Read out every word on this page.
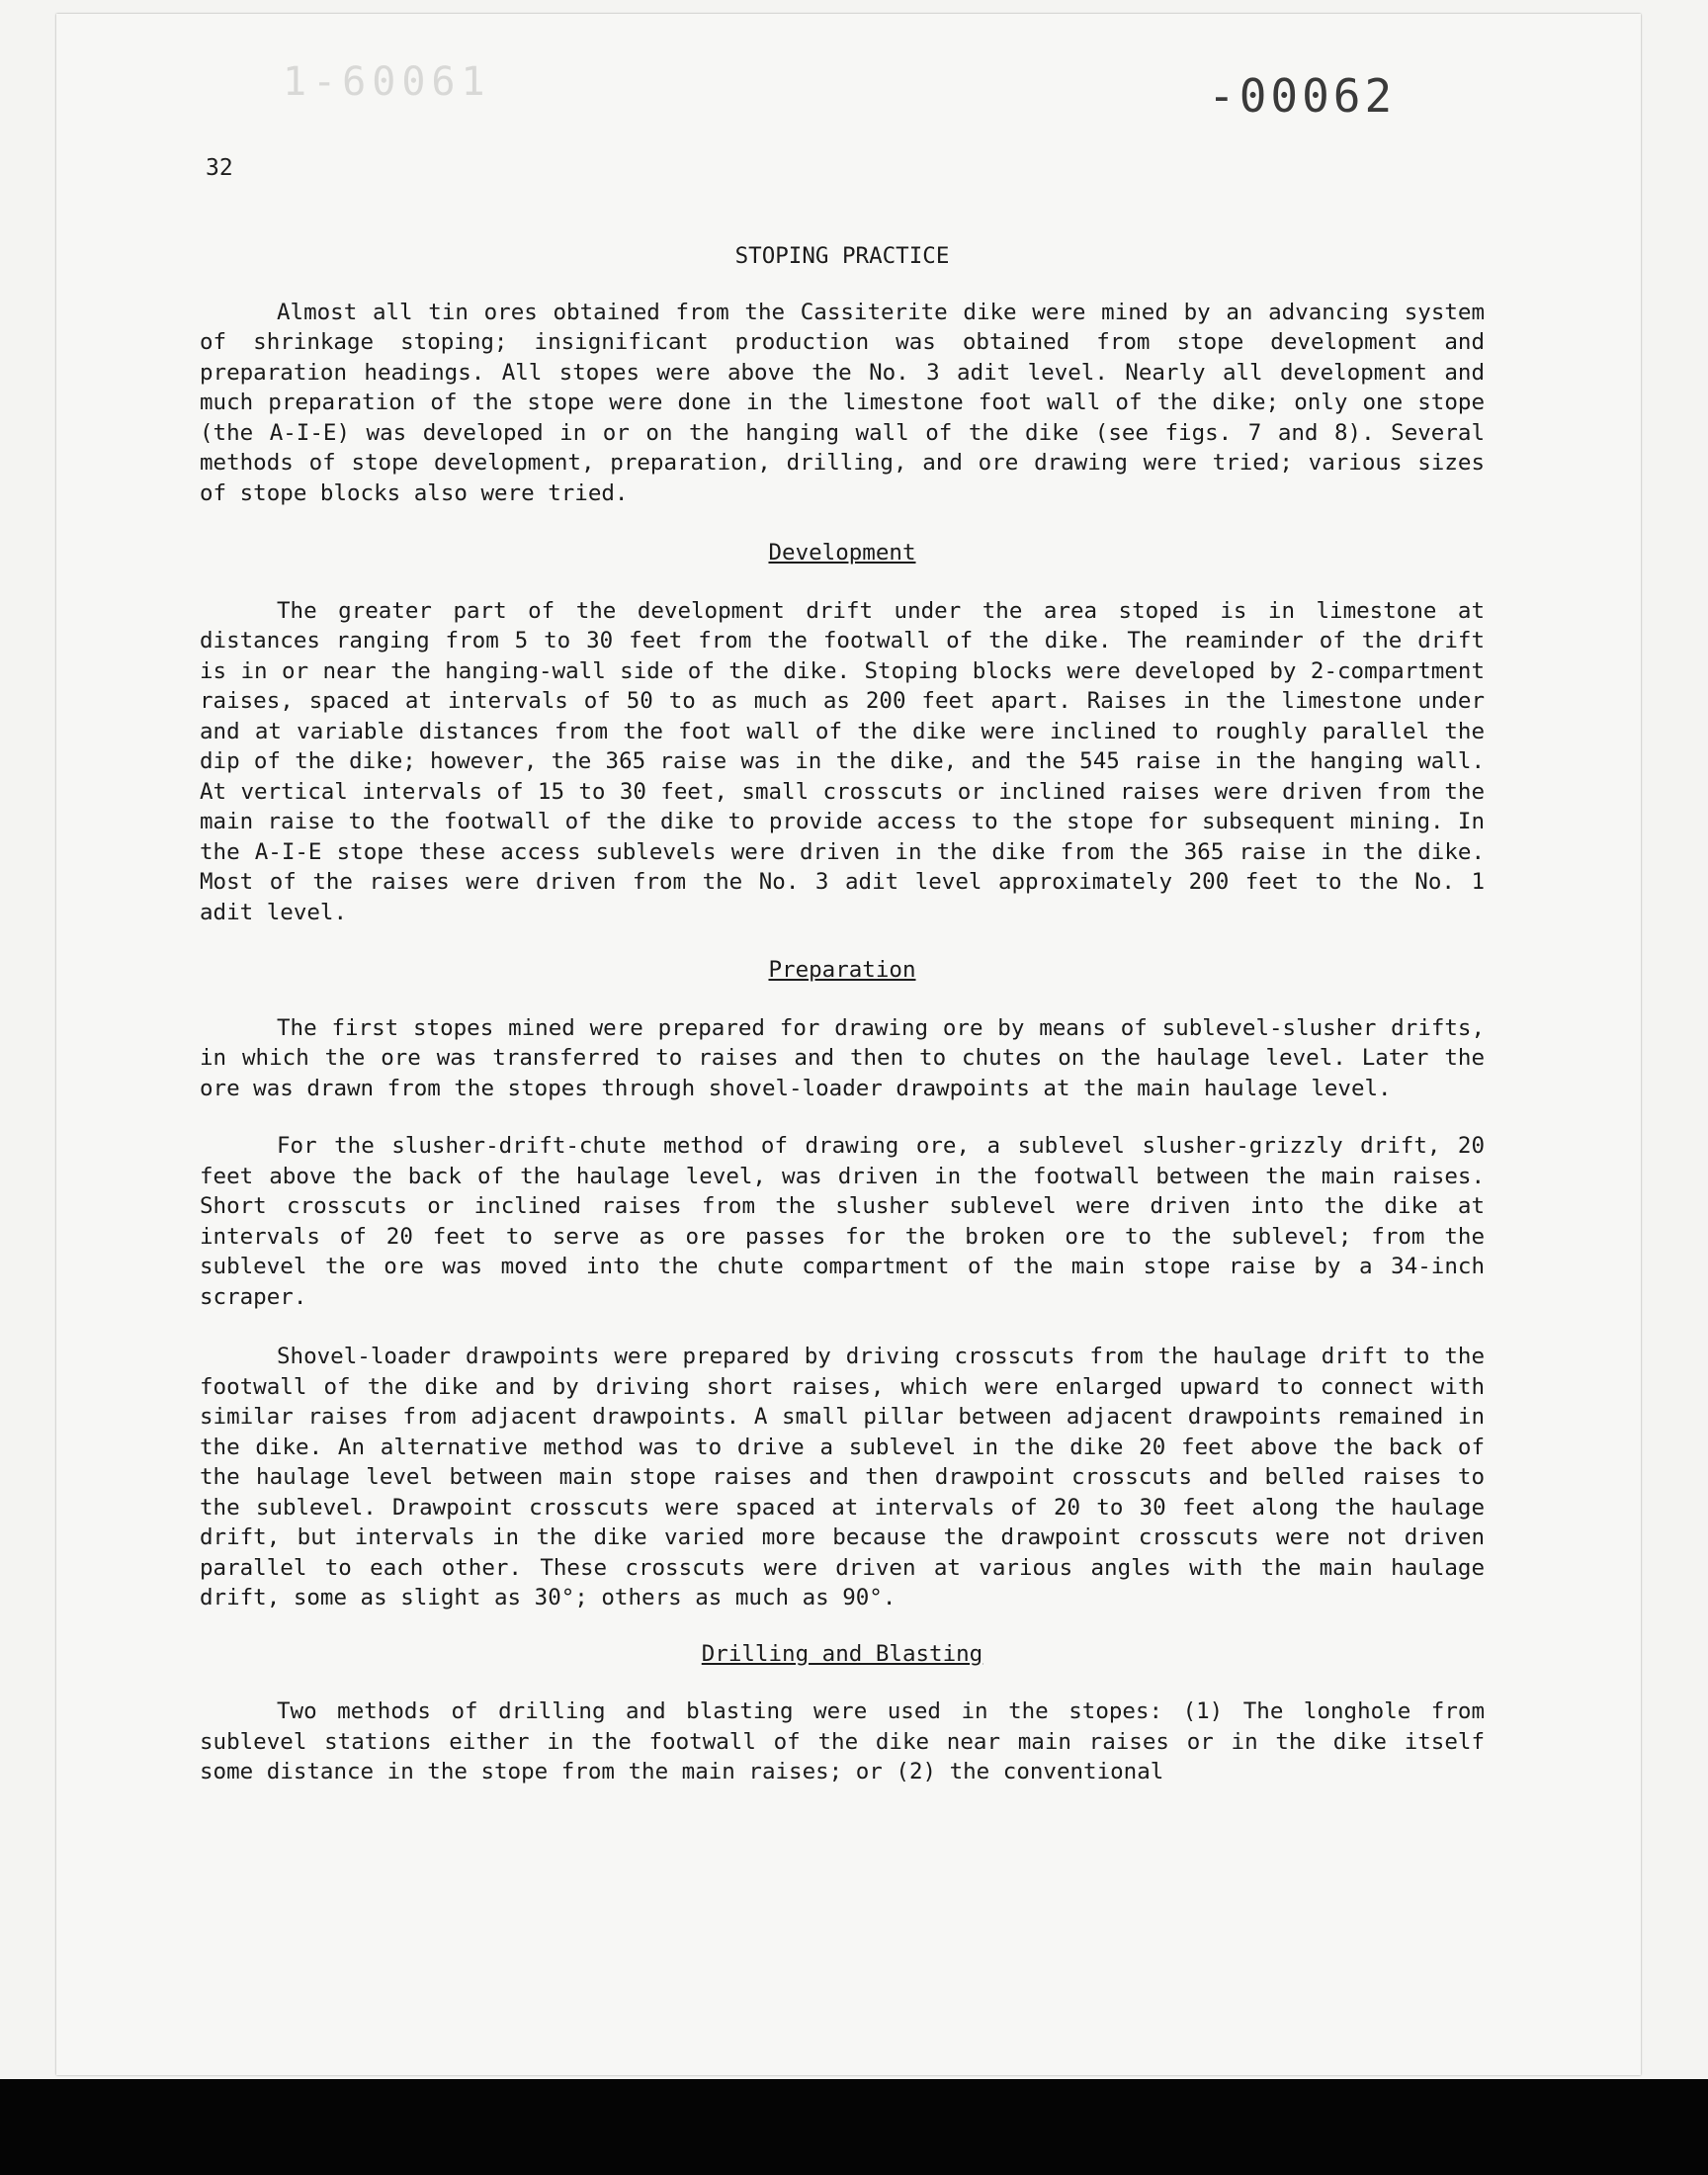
1-60061	-00062
32
STOPING PRACTICE

Almost all tin ores obtained from the Cassiterite dike were mined by an advancing system of shrinkage stoping; insignificant production was obtained from stope development and preparation headings. All stopes were above the No. 3 adit level. Nearly all development and much preparation of the stope were done in the limestone foot wall of the dike; only one stope (the A-I-E) was developed in or on the hanging wall of the dike (see figs. 7 and 8). Several methods of stope development, preparation, drilling, and ore drawing were tried; various sizes of stope blocks also were tried.

Development

The greater part of the development drift under the area stoped is in limestone at distances ranging from 5 to 30 feet from the footwall of the dike. The reaminder of the drift is in or near the hanging-wall side of the dike. Stoping blocks were developed by 2-compartment raises, spaced at intervals of 50 to as much as 200 feet apart. Raises in the limestone under and at variable distances from the foot wall of the dike were inclined to roughly parallel the dip of the dike; however, the 365 raise was in the dike, and the 545 raise in the hanging wall. At vertical intervals of 15 to 30 feet, small crosscuts or inclined raises were driven from the main raise to the footwall of the dike to provide access to the stope for subsequent mining. In the A-I-E stope these access sublevels were driven in the dike from the 365 raise in the dike. Most of the raises were driven from the No. 3 adit level approximately 200 feet to the No. 1 adit level.

Preparation

The first stopes mined were prepared for drawing ore by means of sublevel-slusher drifts, in which the ore was transferred to raises and then to chutes on the haulage level. Later the ore was drawn from the stopes through shovel-loader drawpoints at the main haulage level.

For the slusher-drift-chute method of drawing ore, a sublevel slusher-grizzly drift, 20 feet above the back of the haulage level, was driven in the footwall between the main raises. Short crosscuts or inclined raises from the slusher sublevel were driven into the dike at intervals of 20 feet to serve as ore passes for the broken ore to the sublevel; from the sublevel the ore was moved into the chute compartment of the main stope raise by a 34-inch scraper.

Shovel-loader drawpoints were prepared by driving crosscuts from the haulage drift to the footwall of the dike and by driving short raises, which were enlarged upward to connect with similar raises from adjacent drawpoints. A small pillar between adjacent drawpoints remained in the dike. An alternative method was to drive a sublevel in the dike 20 feet above the back of the haulage level between main stope raises and then drawpoint crosscuts and belled raises to the sublevel. Drawpoint crosscuts were spaced at intervals of 20 to 30 feet along the haulage drift, but intervals in the dike varied more because the drawpoint crosscuts were not driven parallel to each other. These crosscuts were driven at various angles with the main haulage drift, some as slight as 30°; others as much as 90°.

Drilling and Blasting

Two methods of drilling and blasting were used in the stopes: (1) The longhole from sublevel stations either in the footwall of the dike near main raises or in the dike itself some distance in the stope from the main raises; or (2) the conventional
